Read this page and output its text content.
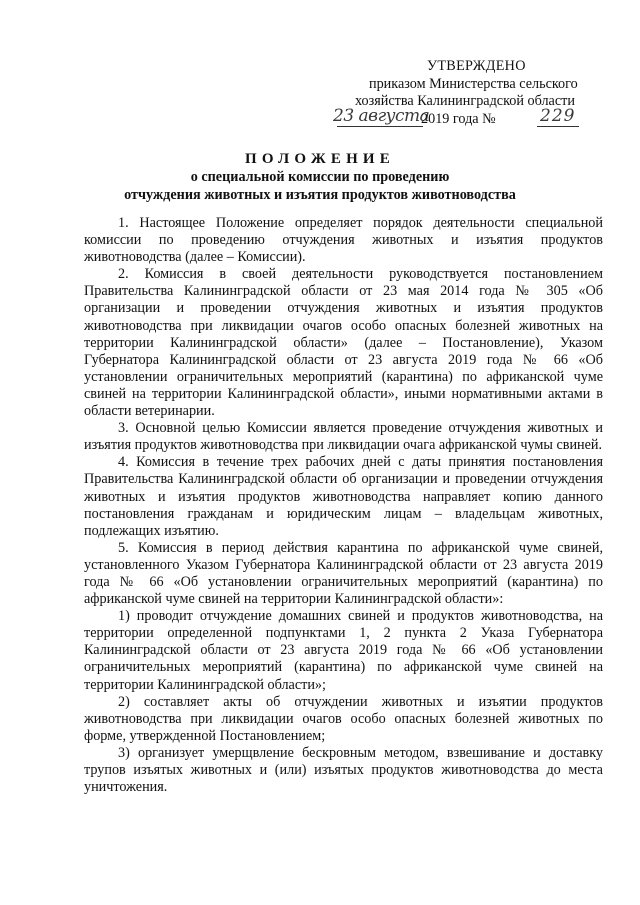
УТВЕРЖДЕНО
приказом Министерства сельского
хозяйства Калининградской области
23 августа
2019 года №	229
ПОЛОЖЕНИЕ
о специальной комиссии по проведению
отчуждения животных и изъятия продуктов животноводства

1. Настоящее Положение определяет порядок деятельности специальной комиссии по проведению отчуждения животных и изъятия продуктов животноводства (далее – Комиссии).

2. Комиссия в своей деятельности руководствуется постановлением Правительства Калининградской области от 23 мая 2014 года № 305 «Об организации и проведении отчуждения животных и изъятия продуктов животноводства при ликвидации очагов особо опасных болезней животных на территории Калининградской области» (далее – Постановление), Указом Губернатора Калининградской области от 23 августа 2019 года № 66 «Об установлении ограничительных мероприятий (карантина) по африканской чуме свиней на территории Калининградской области», иными нормативными актами в области ветеринарии.

3. Основной целью Комиссии является проведение отчуждения животных и изъятия продуктов животноводства при ликвидации очага африканской чумы свиней.

4. Комиссия в течение трех рабочих дней с даты принятия постановления Правительства Калининградской области об организации и проведении отчуждения животных и изъятия продуктов животноводства направляет копию данного постановления гражданам и юридическим лицам – владельцам животных, подлежащих изъятию.

5. Комиссия в период действия карантина по африканской чуме свиней, установленного Указом Губернатора Калининградской области от 23 августа 2019 года № 66 «Об установлении ограничительных мероприятий (карантина) по африканской чуме свиней на территории Калининградской области»:

1) проводит отчуждение домашних свиней и продуктов животноводства, на территории определенной подпунктами 1, 2 пункта 2 Указа Губернатора Калининградской области от 23 августа 2019 года № 66 «Об установлении ограничительных мероприятий (карантина) по африканской чуме свиней на территории Калининградской области»;

2) составляет акты об отчуждении животных и изъятии продуктов животноводства при ликвидации очагов особо опасных болезней животных по форме, утвержденной Постановлением;

3) организует умерщвление бескровным методом, взвешивание и доставку трупов изъятых животных и (или) изъятых продуктов животноводства до места уничтожения.
